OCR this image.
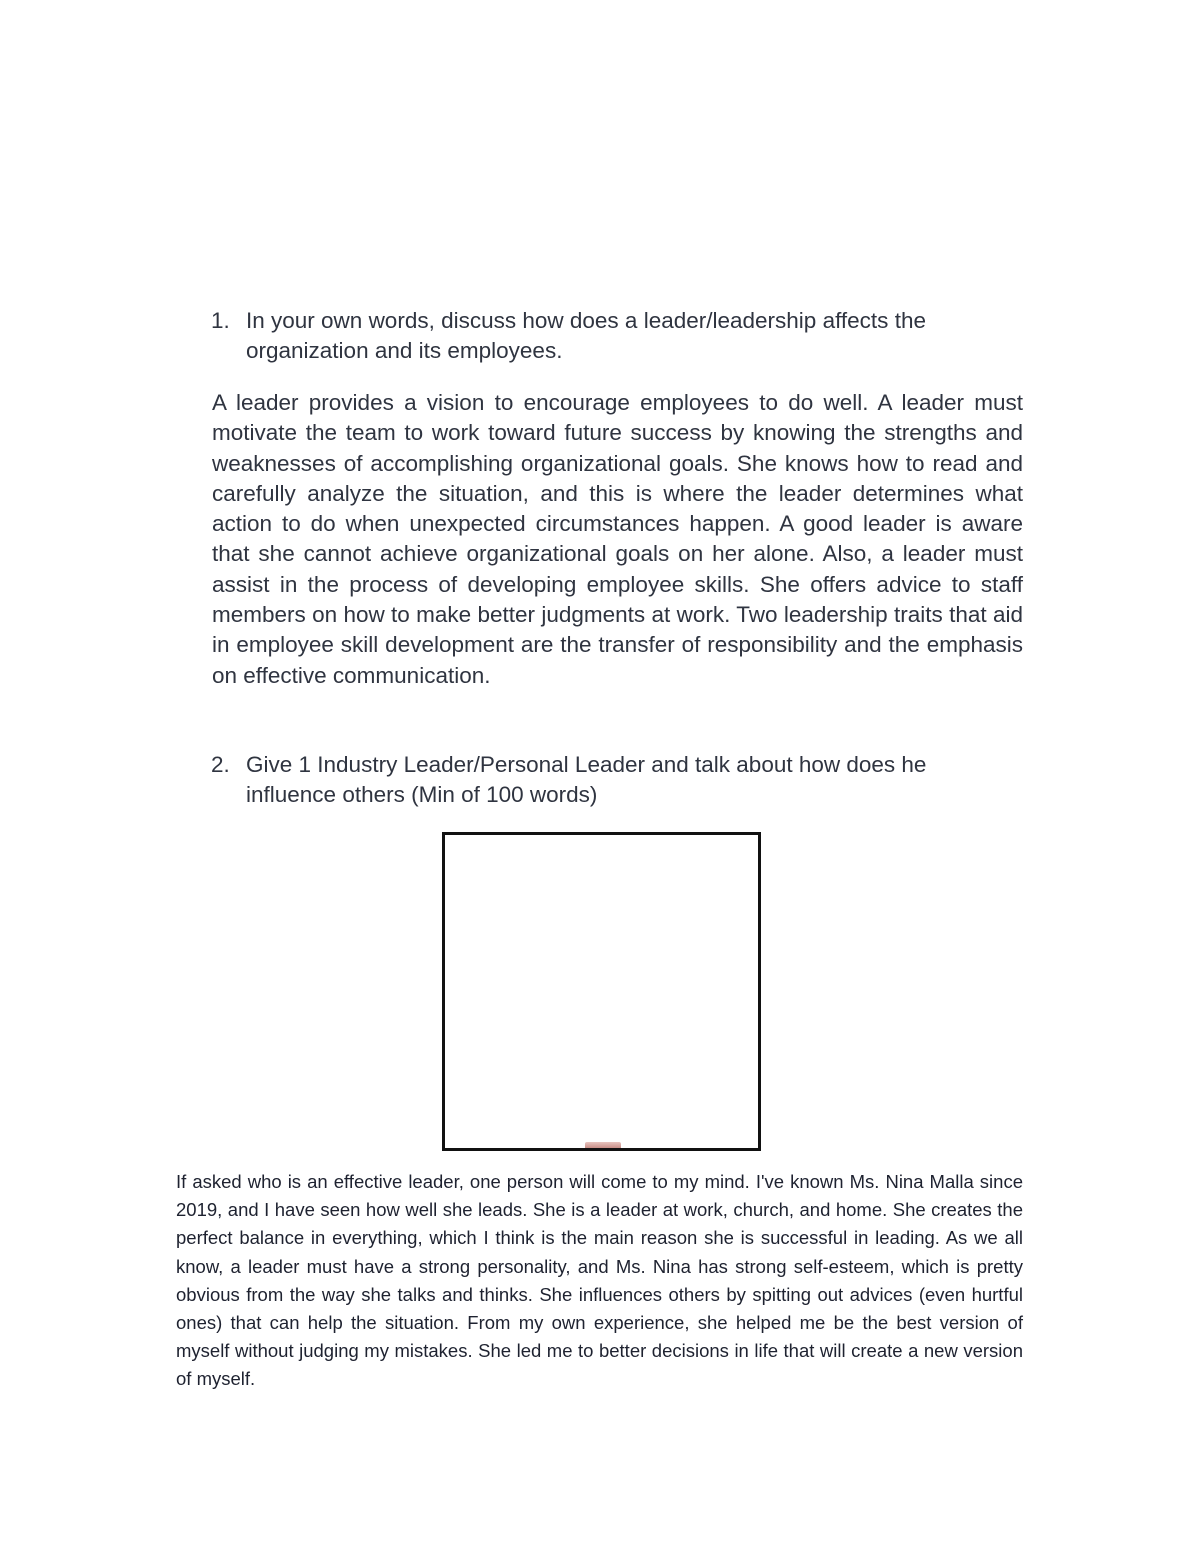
1. In your own words, discuss how does a leader/leadership affects the organization and its employees.
A leader provides a vision to encourage employees to do well. A leader must motivate the team to work toward future success by knowing the strengths and weaknesses of accomplishing organizational goals. She knows how to read and carefully analyze the situation, and this is where the leader determines what action to do when unexpected circumstances happen. A good leader is aware that she cannot achieve organizational goals on her alone. Also, a leader must assist in the process of developing employee skills. She offers advice to staff members on how to make better judgments at work. Two leadership traits that aid in employee skill development are the transfer of responsibility and the emphasis on effective communication.
2. Give 1 Industry Leader/Personal Leader and talk about how does he influence others (Min of 100 words)
If asked who is an effective leader, one person will come to my mind. I've known Ms. Nina Malla since 2019, and I have seen how well she leads. She is a leader at work, church, and home. She creates the perfect balance in everything, which I think is the main reason she is successful in leading. As we all know, a leader must have a strong personality, and Ms. Nina has strong self-esteem, which is pretty obvious from the way she talks and thinks. She influences others by spitting out advices (even hurtful ones) that can help the situation. From my own experience, she helped me be the best version of myself without judging my mistakes. She led me to better decisions in life that will create a new version of myself.
